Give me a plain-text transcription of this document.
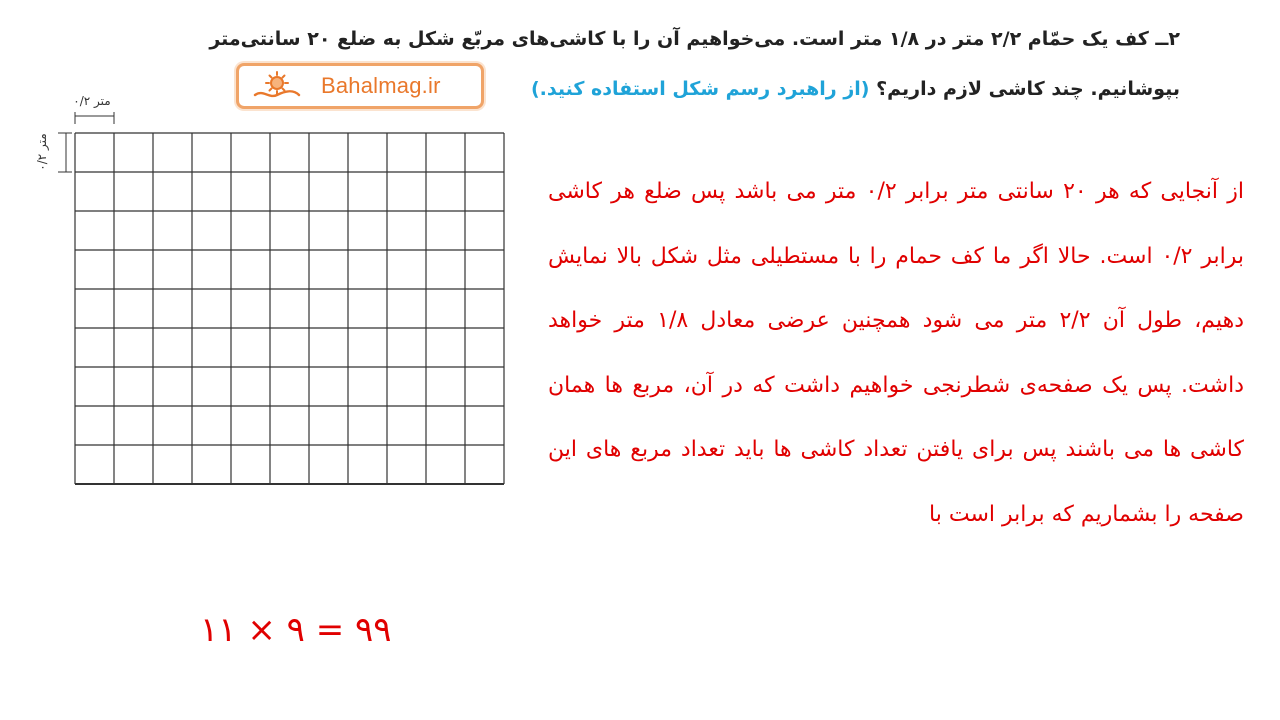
۲ــ کف یک حمّام ۲/۲ متر در ۱/۸ متر است. می‌خواهیم آن را با کاشی‌های مربّع شکل به ضلع ۲۰ سانتی‌متر بپوشانیم. چند کاشی لازم داریم؟ (از راهبرد رسم شکل استفاده کنید.)
Bahalmag.ir
۰/۲ متر
۰/۲ متر
از آنجایی که هر ۲۰ سانتی متر برابر ۰/۲ متر می باشد پس ضلع هر کاشی برابر ۰/۲ است. حالا اگر ما کف حمام را با مستطیلی مثل شکل بالا نمایش دهیم، طول آن ۲/۲ متر می شود همچنین عرضی معادل ۱/۸ متر خواهد داشت. پس یک صفحه‌ی شطرنجی خواهیم داشت که در آن، مربع ها همان کاشی ها می باشند پس برای یافتن تعداد کاشی ها باید تعداد مربع های این صفحه را بشماریم که برابر است با
۱۱ × ۹ = ۹۹
